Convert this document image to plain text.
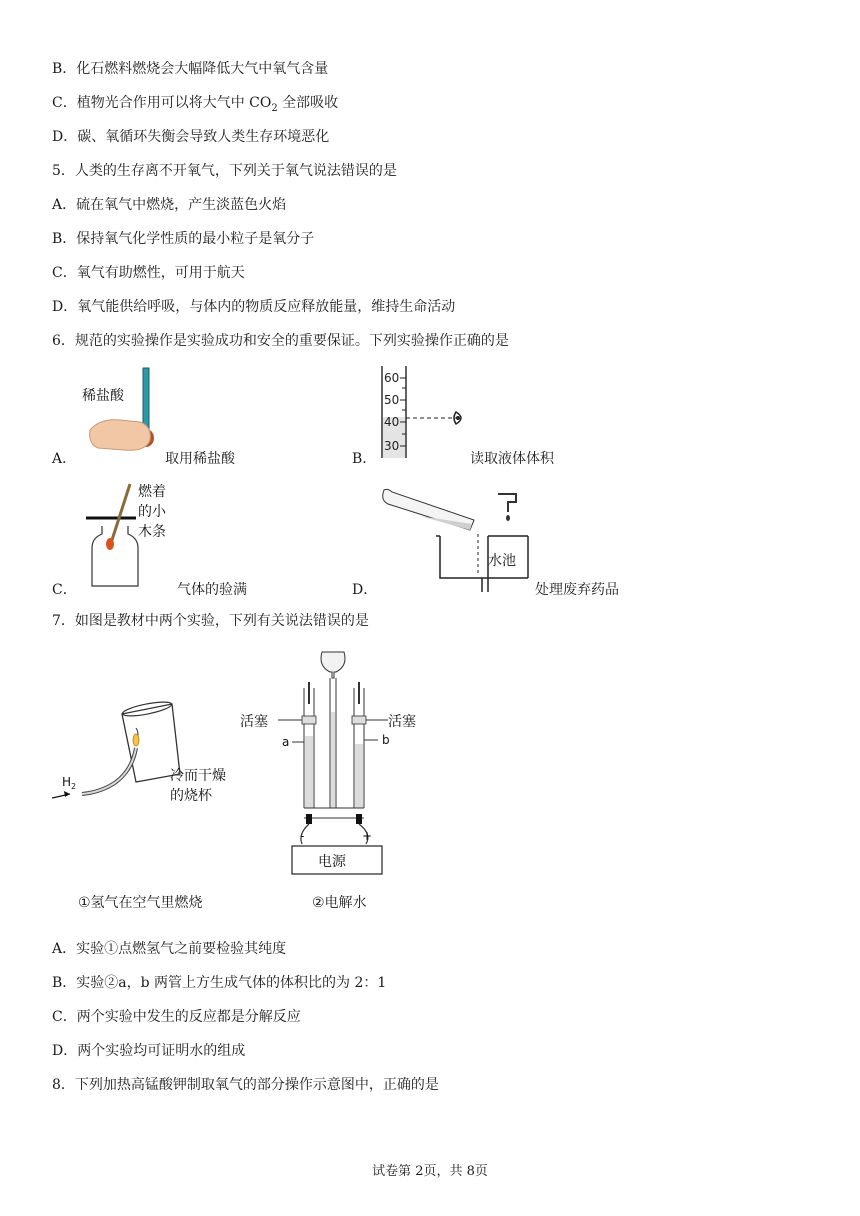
B．化石燃料燃烧会大幅降低大气中氧气含量
C．植物光合作用可以将大气中 $CO_2$ 全部吸收
D．碳、氧循环失衡会导致人类生存环境恶化
5．人类的生存离不开氧气，下列关于氧气说法错误的是
A．硫在氧气中燃烧，产生淡蓝色火焰
B．保持氧气化学性质的最小粒子是氧分子
C．氧气有助燃性，可用于航天
D．氧气能供给呼吸，与体内的物质反应释放能量，维持生命活动
6．规范的实验操作是实验成功和安全的重要保证。下列实验操作正确的是
稀盐酸
A．	取用稀盐酸
60
50
40
30
B．	读取液体体积
燃着
的小
木条
C．	气体的验满
水池
D．	处理废弃药品
7．如图是教材中两个实验，下列有关说法错误的是
$H_2$
冷而干燥
的烧杯
①氢气在空气里燃烧
-	+
电源
活塞	活塞
a	b
②电解水
A．实验①点燃氢气之前要检验其纯度
B．实验②a，b 两管上方生成气体的体积比的为 2：1
C．两个实验中发生的反应都是分解反应
D．两个实验均可证明水的组成
8．下列加热高锰酸钾制取氧气的部分操作示意图中，正确的是
试卷第 2页，共 8页
